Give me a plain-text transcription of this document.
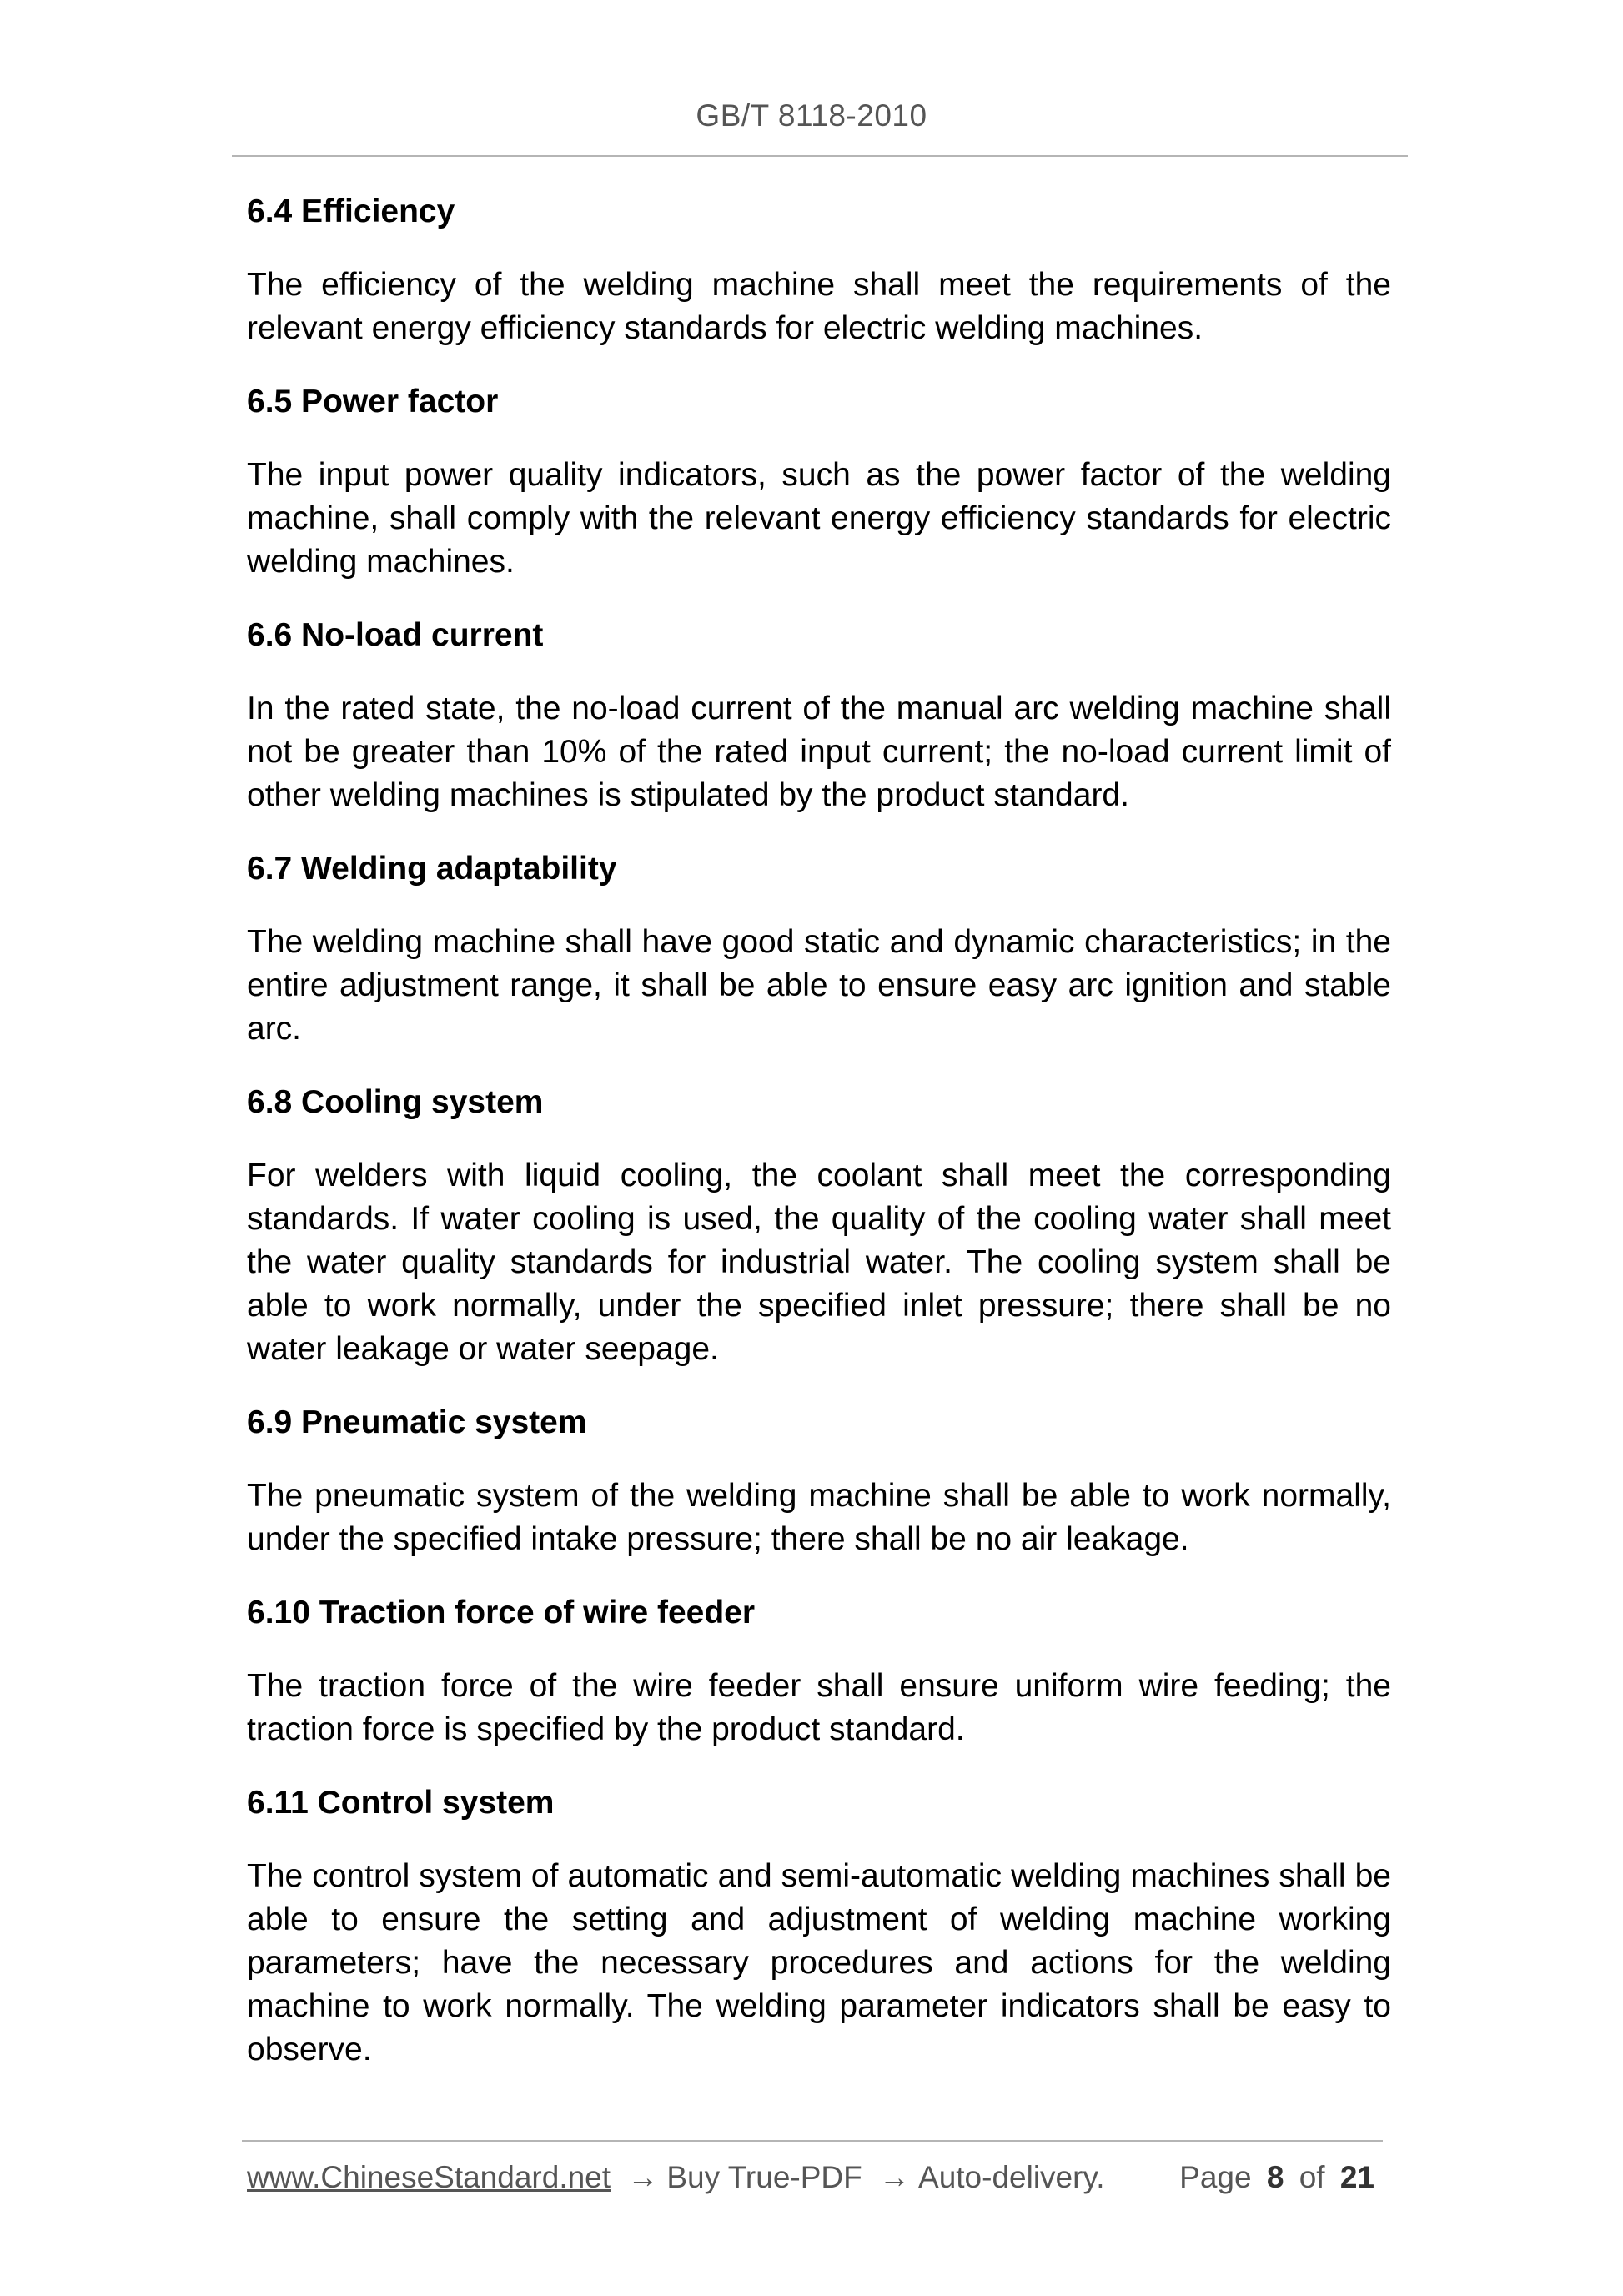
GB/T 8118-2010
6.4 Efficiency
The efficiency of the welding machine shall meet the requirements of the relevant energy efficiency standards for electric welding machines.
6.5 Power factor
The input power quality indicators, such as the power factor of the welding machine, shall comply with the relevant energy efficiency standards for electric welding machines.
6.6 No-load current
In the rated state, the no-load current of the manual arc welding machine shall not be greater than 10% of the rated input current; the no-load current limit of other welding machines is stipulated by the product standard.
6.7 Welding adaptability
The welding machine shall have good static and dynamic characteristics; in the entire adjustment range, it shall be able to ensure easy arc ignition and stable arc.
6.8 Cooling system
For welders with liquid cooling, the coolant shall meet the corresponding standards. If water cooling is used, the quality of the cooling water shall meet the water quality standards for industrial water. The cooling system shall be able to work normally, under the specified inlet pressure; there shall be no water leakage or water seepage.
6.9 Pneumatic system
The pneumatic system of the welding machine shall be able to work normally, under the specified intake pressure; there shall be no air leakage.
6.10 Traction force of wire feeder
The traction force of the wire feeder shall ensure uniform wire feeding; the traction force is specified by the product standard.
6.11 Control system
The control system of automatic and semi-automatic welding machines shall be able to ensure the setting and adjustment of welding machine working parameters; have the necessary procedures and actions for the welding machine to work normally. The welding parameter indicators shall be easy to observe.
www.ChineseStandard.net → Buy True-PDF → Auto-delivery. Page 8 of 21
